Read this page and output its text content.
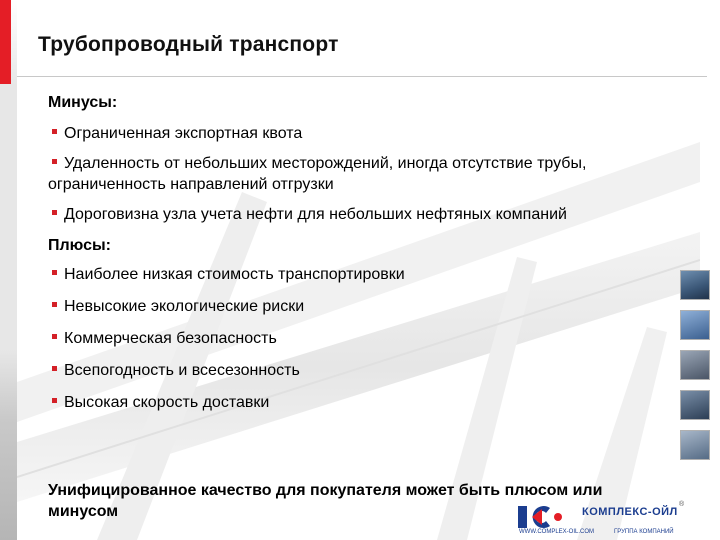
Трубопроводный транспорт
Минусы:
Ограниченная экспортная квота
Удаленность от небольших месторождений, иногда отсутствие трубы, ограниченность направлений отгрузки
Дороговизна узла учета нефти для небольших нефтяных компаний
Плюсы:
Наиболее низкая стоимость транспортировки
Невысокие экологические риски
Коммерческая безопасность
Всепогодность и всесезонность
Высокая скорость доставки
Унифицированное качество для покупателя может быть плюсом или минусом	КОМПЛЕКС-ОЙЛ
WWW.COMPLEX-OIL.COM	ГРУППА КОМПАНИЙ
®
